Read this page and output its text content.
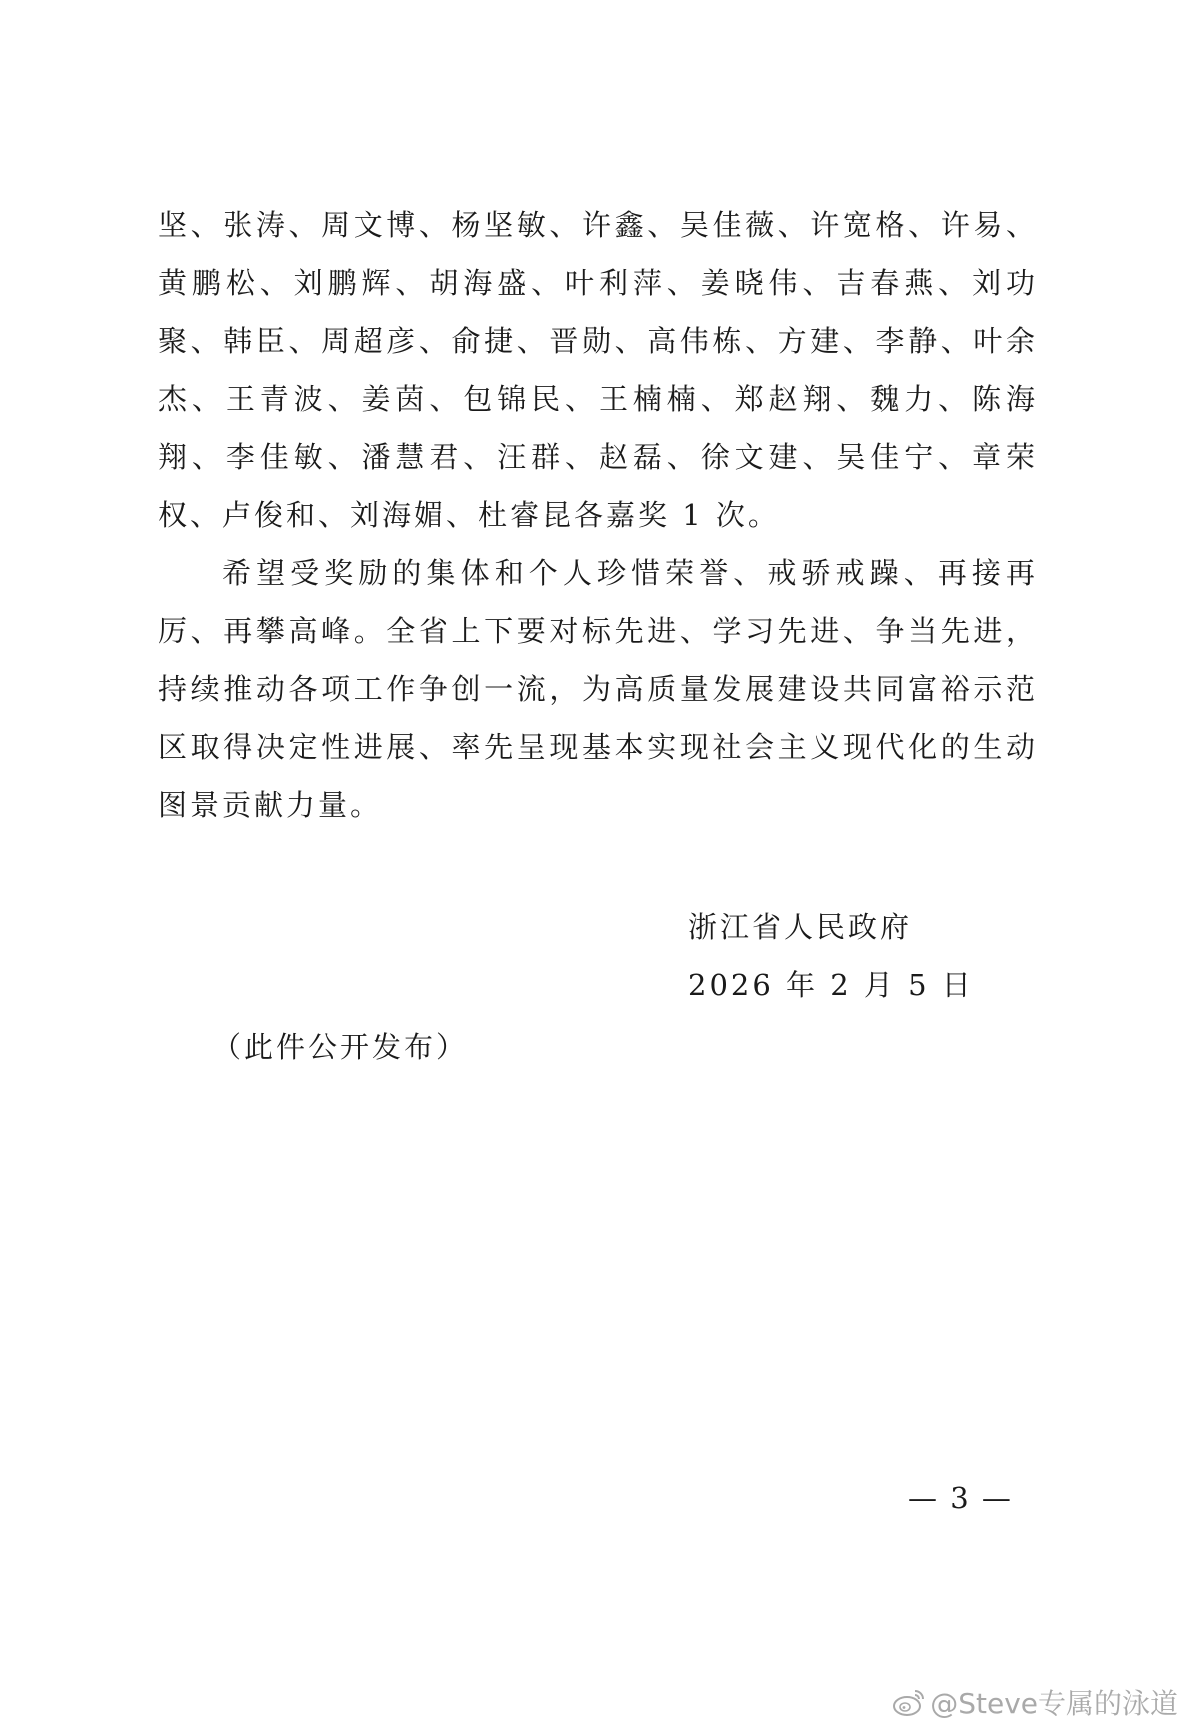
坚、张涛、周文博、杨坚敏、许鑫、吴佳薇、许宽格、许易、黄鹏松、刘鹏辉、胡海盛、叶利萍、姜晓伟、吉春燕、刘功聚、韩臣、周超彦、俞捷、晋勋、高伟栋、方建、李静、叶余杰、王青波、姜茵、包锦民、王楠楠、郑赵翔、魏力、陈海翔、李佳敏、潘慧君、汪群、赵磊、徐文建、吴佳宁、章荣权、卢俊和、刘海媚、杜睿昆各嘉奖 1 次。

希望受奖励的集体和个人珍惜荣誉、戒骄戒躁、再接再厉、再攀高峰。全省上下要对标先进、学习先进、争当先进，持续推动各项工作争创一流，为高质量发展建设共同富裕示范区取得决定性进展、率先呈现基本实现社会主义现代化的生动图景贡献力量。

浙江省人民政府
2026 年 2 月 5 日
（此件公开发布）
— 3 —
@Steve专属的泳道
